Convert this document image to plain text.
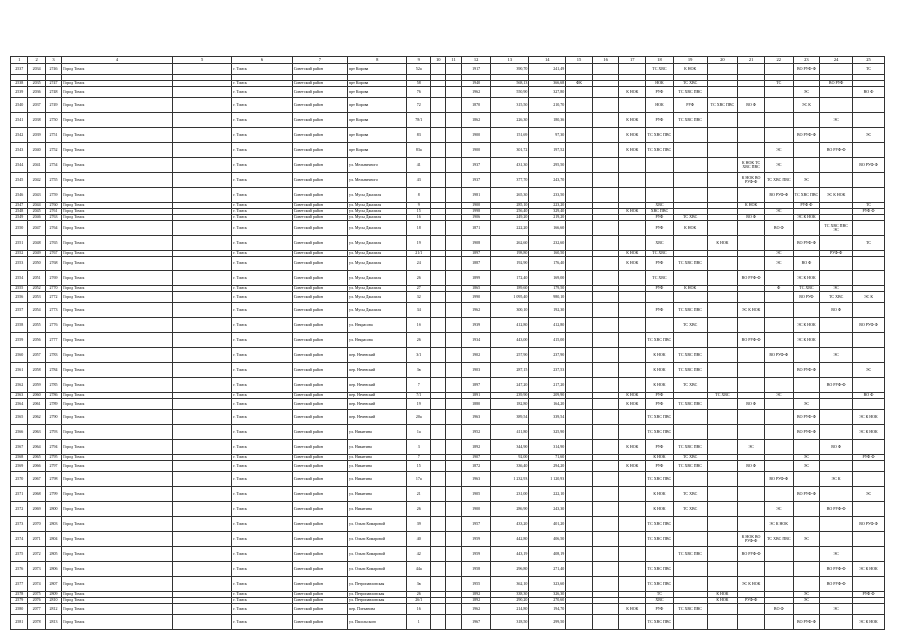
1	2	3	4	5	6	7	8	9	10	11	12	13	14	15	16	17	18	19	20	21	22	23	24	25
2537	2034	2746	Город Томск		г. Томск	Советский район	прт Кирова	52а			1917	390,70	241,49				ТС ХВС	К НОК				ВО РУФ-Ф		ТС

2538	2035	2747	Город Томск		г. Томск	Советский район	прт Кирова	58			1940	568,13	366,68	ФК			НОК	ТС ХВС			ТС		ВО РУФ	
2539	2036	2748	Город Томск		г. Томск	Советский район	прт Кирова	76			1962	550,90	327,80			К НОК	РУФ	ТС ХВС ПВС				ЭС		ВО Ф
2540	2037	2749	Город Томск		г. Томск	Советский район	прт Кирова	72			1870	315,50	210,70				НОК	РУФ	ТС ХВС ПВС	ВО Ф		ЭС К		
2541	2038	2750	Город Томск		г. Томск	Советский район	прт Кирова	78/1			1862	226,30	180,36			К НОК	РУФ	ТС ХВС ПВС					ЭС	
2542	2039	2751	Город Томск		г. Томск	Советский район	прт Кирова	83			1900	151,69	97,30			К НОК	ТС ХВС ПВС					ВО РУФ-Ф		ЭС
2543	2040	2752	Город Томск		г. Томск	Советский район	прт Кирова	83а			1900	301,72	197,52			К НОК	ТС ХВС ПВС				ЭС		ВО РУФ-Ф	
2544	2041	2754	Город Томск		г. Томск	Советский район	ул. Мельничного	41			1937	431,30	295,50							К НОК ТС ХВС ПВС	ЭС			ВО РУФ Ф
2545	2042	2755	Город Томск		г. Томск	Советский район	ул. Мельничного	43			1937	377,70	243,70							К НОК ВО РУФ-Ф	ТС ХВС ПВС	ЭС		
2546	2043	2759	Город Томск		г. Томск	Советский район	ул. Мусы Джалиля	8			1981	265,30	233,50								ВО РУФ-Ф	ТС ХВС ПВС	ЭС К НОК	
2547	2044	2760	Город Томск		г. Томск	Советский район	ул. Мусы Джалиля	9			1900	285,10	223,20				ХВС			К НОК		РУФ Ф		ТС
2548	2045	2761	Город Томск		г. Томск	Советский район	ул. Мусы Джалиля	15			1998	256,40	329,40			К НОК	ХВС ПВС				ЭС			РУФ Ф
2549	2046	2763	Город Томск		г. Томск	Советский район	ул. Мусы Джалиля	16			1906	249,20	219,20				РУФ	ТС ХВС		ВО Ф		ЭС К НОК		
2550	2047	2764	Город Томск		г. Томск	Советский район	ул. Мусы Джалиля	18			1871	222,20	166,60				РУФ	К НОК			ВО Ф		ТС ХВС ПВС ЭС	
2551	2048	2765	Город Томск		г. Томск	Советский район	ул. Мусы Джалиля	19			1908	262,60	232,60				ХВС		К НОК			ВО РУФ-Ф		ТС
2552	2049	2767	Город Томск		г. Томск	Советский район	ул. Мусы Джалиля	21/1			1897	198,80	160,50			К НОК	ТС ХВС				ЭС		РУФ-Ф	
2553	2050	2768	Город Томск		г. Томск	Советский район	ул. Мусы Джалиля	24			1887	192,90	176,40			К НОК	РУФ	ТС ХВС ПВС			ЭС	ВО Ф		
2554	2051	2769	Город Томск		г. Томск	Советский район	ул. Мусы Джалиля	26			1899	172,40	169,00				ТС ХВС			ВО РУФ-Ф		ЭС К НОК		
2555	2052	2770	Город Томск		г. Томск	Советский район	ул. Мусы Джалиля	27			1865	189,60	179,50				РУФ	К НОК			Ф	ТС ХВС	ЭС	
2556	2053	2772	Город Томск		г. Томск	Советский район	ул. Мусы Джалиля	32			1990	1 095,40	980,10									ВО РУФ	ТС ХВС	ЭС К
2557	2054	2773	Город Томск		г. Томск	Советский район	ул. Мусы Джалиля	34			1962	300,10	192,30				РУФ	ТС ХВС ПВС		ЭС К НОК			ВО Ф	
2558	2055	2776	Город Томск		г. Томск	Советский район	ул. Некрасова	1б			1939	412,80	412,80					ТС ХВС				ЭС К НОК		ВО РУФ Ф
2559	2056	2777	Город Томск		г. Томск	Советский район	ул. Некрасова	26			1934	443,00	415,00				ТС ХВС ПВС			ВО РУФ-Ф		ЭС К НОК		
2560	2057	2783	Город Томск		г. Томск	Советский район	пер. Нечевский	3/1			1902	257,90	237,90				К НОК	ТС ХВС ПВС			ВО РУФ-Ф		ЭС	
2561	2058	2784	Город Томск		г. Томск	Советский район	пер. Нечевский	3в			1903	287,15	237,53				К НОК	ТС ХВС ПВС				ВО РУФ-Ф		ЭС
2562	2059	2785	Город Томск		г. Томск	Советский район	пер. Нечевский	7			1897	247,20	217,20				К НОК	ТС ХВС					ВО РУФ-Ф	
2563	2060	2786	Город Томск		г. Томск	Советский район	пер. Нечевский	7/1			1891	239,90	209,90			К НОК	РУФ		ТС ХВС		ЭС			ВО Ф
2564	2061	2789	Город Томск		г. Томск	Советский район	пер. Нечевский	19			1880	182,80	164,20			К НОК	РУФ	ТС ХВС ПВС		ВО Ф		ЭС		
2565	2062	2790	Город Томск		г. Томск	Советский район	пер. Нечевский	20а			1963	389,54	339,54				ТС ХВС ПВС					ВО РУФ-Ф		ЭС К НОК
2566	2063	2793	Город Томск		г. Томск	Советский район	ул. Никитина	1а			1952	411,80	325,90				ТС ХВС ПВС					ВО РУФ-Ф		ЭС К НОК
2567	2064	2794	Город Томск		г. Томск	Советский район	ул. Никитина	3			1892	344,90	314,90			К НОК	РУФ	ТС ХВС ПВС		ЭС			ВО Ф	
2568	2065	2795	Город Томск		г. Томск	Советский район	ул. Никитина	7			1907	92,00	71,60				К НОК	ТС ХВС				ЭС		РУФ Ф
2569	2066	2797	Город Томск		г. Томск	Советский район	ул. Никитина	15			1872	336,40	294,20			К НОК	РУФ	ТС ХВС ПВС		ВО Ф		ЭС		
2570	2067	2798	Город Томск		г. Томск	Советский район	ул. Никитина	17а			1963	1 232,93	1 120,93				ТС ХВС ПВС				ВО РУФ-Ф		ЭС К	
2571	2068	2799	Город Томск		г. Томск	Советский район	ул. Никитина	21			1905	231,00	222,10				К НОК	ТС ХВС				ВО РУФ-Ф		ЭС
2572	2069	2800	Город Томск		г. Томск	Советский район	ул. Никитина	26			1900	286,90	243,30				К НОК	ТС ХВС			ЭС		ВО РУФ-Ф	
2573	2070	2803	Город Томск		г. Томск	Советский район	ул. Ольги Комаровой	39			1957	433,20	401,20				ТС ХВС ПВС				ЭС К НОК			ВО РУФ Ф
2574	2071	2804	Город Томск		г. Томск	Советский район	ул. Ольги Комаровой	40			1959	442,80	406,50				ТС ХВС ПВС			К НОК ВО РУФ-Ф	ТС ХВС ПВС	ЭС		
2575	2072	2805	Город Томск		г. Томск	Советский район	ул. Ольги Комаровой	42			1959	443,19	408,19					ТС ХВС ПВС		ВО РУФ-Ф			ЭС	
2576	2073	2806	Город Томск		г. Томск	Советский район	ул. Ольги Комаровой	44а			1958	296,80	271,40				ТС ХВС ПВС						ВО РУФ-Ф	ЭС К НОК
2577	2074	2807	Город Томск		г. Томск	Советский район	ул. Петропавловская	3в			1955	362,10	323,60				ТС ХВС ПВС			ЭС К НОК			ВО РУФ-Ф	
2578	2075	2809	Город Томск		г. Томск	Советский район	ул. Петропавловская	26			1892	338,30	326,30				ТС		К НОК			ЭС		РУФ Ф
2579	2076	2810	Город Томск		г. Томск	Советский район	ул. Петропавловская	26/1			1892	290,20	270,60				ХВС		К НОК	РУФ-Ф		ЭС		
2580	2077	2812	Город Томск		г. Томск	Советский район	пер. Плеханова	16			1962	214,80	194,70			К НОК	РУФ	ТС ХВС ПВС			ВО Ф		ЭС	
2581	2078	2813	Город Томск		г. Томск	Советский район	ул. Пасольского	1			1967	318,50	299,50				ТС ХВС ПВС					ВО РУФ-Ф		ЭС К НОК
